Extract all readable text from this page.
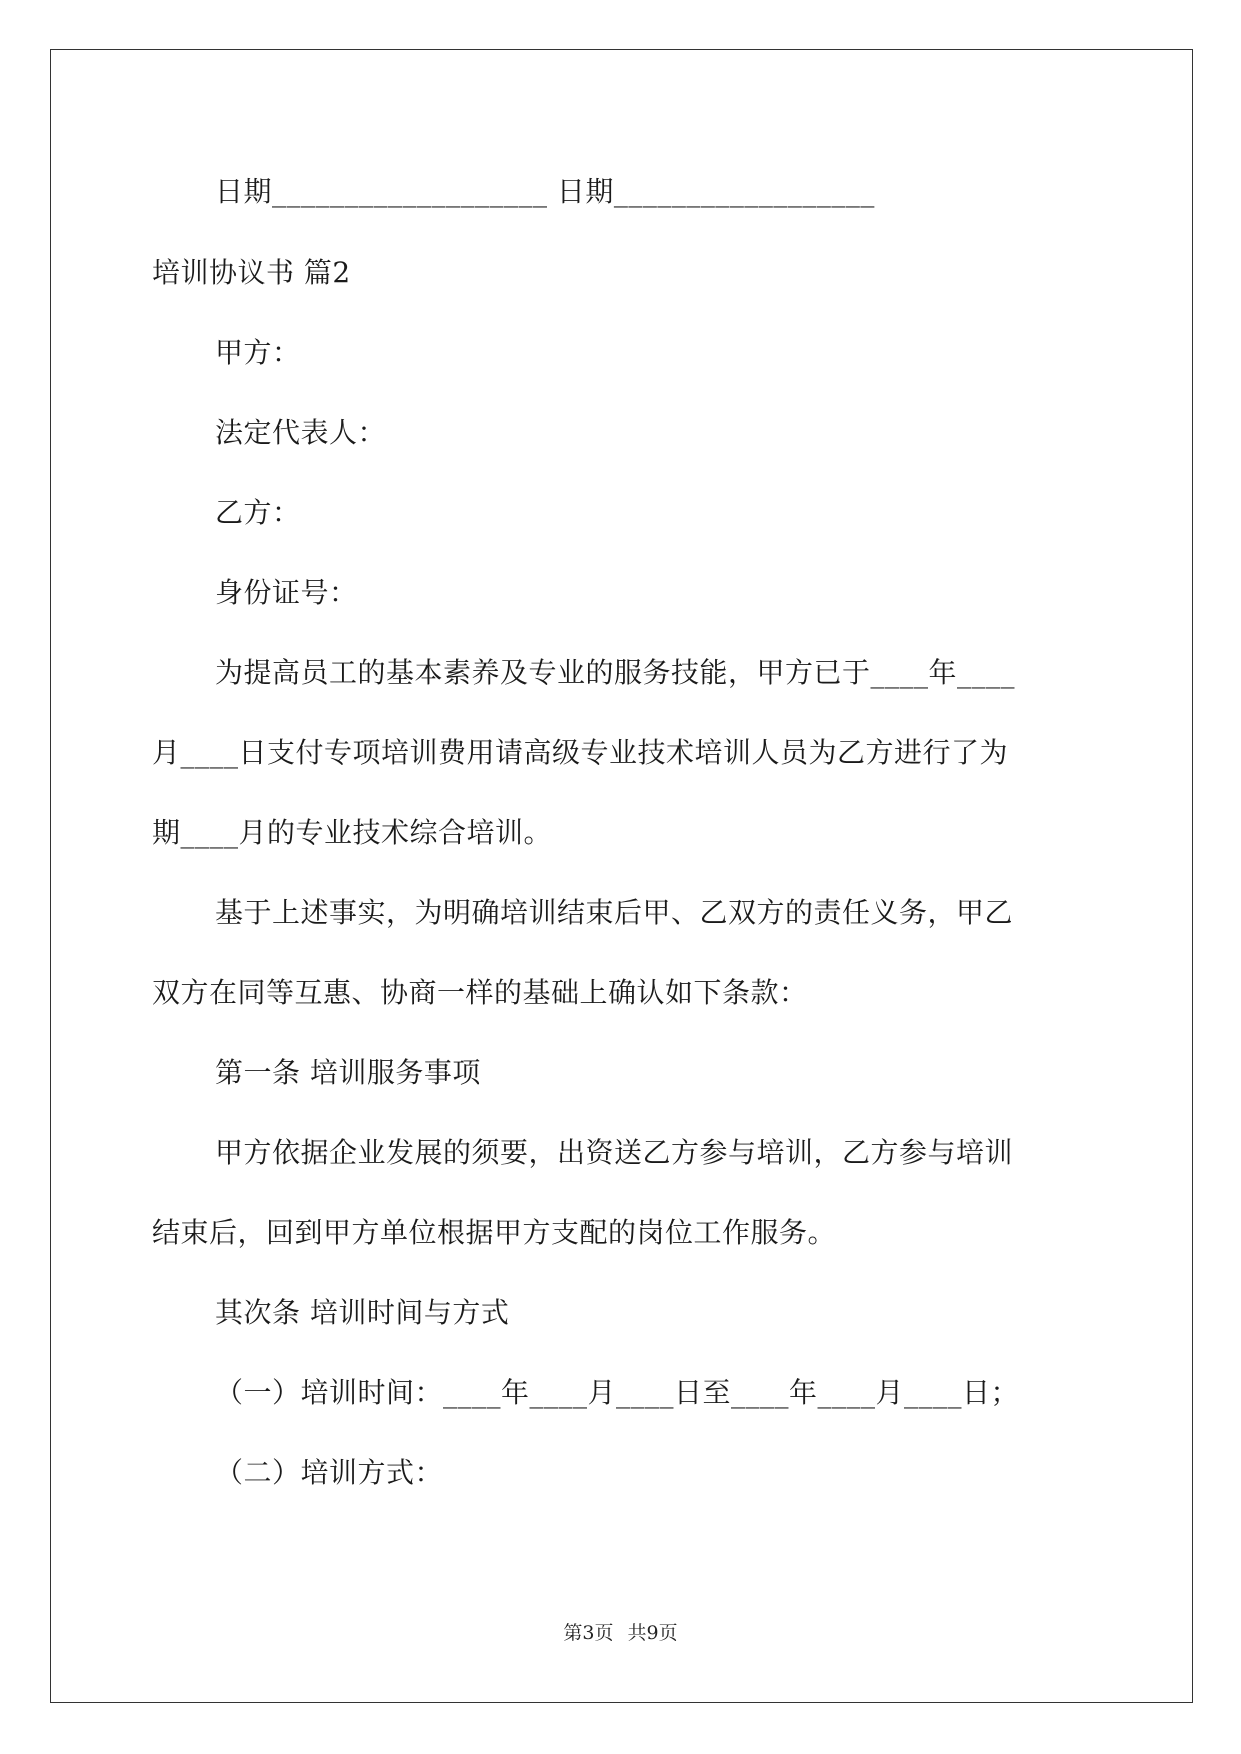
日期___________________ 日期__________________
培训协议书 篇2
甲方：
法定代表人：
乙方：
身份证号：
为提高员工的基本素养及专业的服务技能，甲方已于____年____
月____日支付专项培训费用请高级专业技术培训人员为乙方进行了为
期____月的专业技术综合培训。
基于上述事实，为明确培训结束后甲、乙双方的责任义务，甲乙
双方在同等互惠、协商一样的基础上确认如下条款：
第一条 培训服务事项
甲方依据企业发展的须要，出资送乙方参与培训，乙方参与培训
结束后，回到甲方单位根据甲方支配的岗位工作服务。
其次条 培训时间与方式
（一）培训时间：____年____月____日至____年____月____日；
（二）培训方式：
第3页 共9页
